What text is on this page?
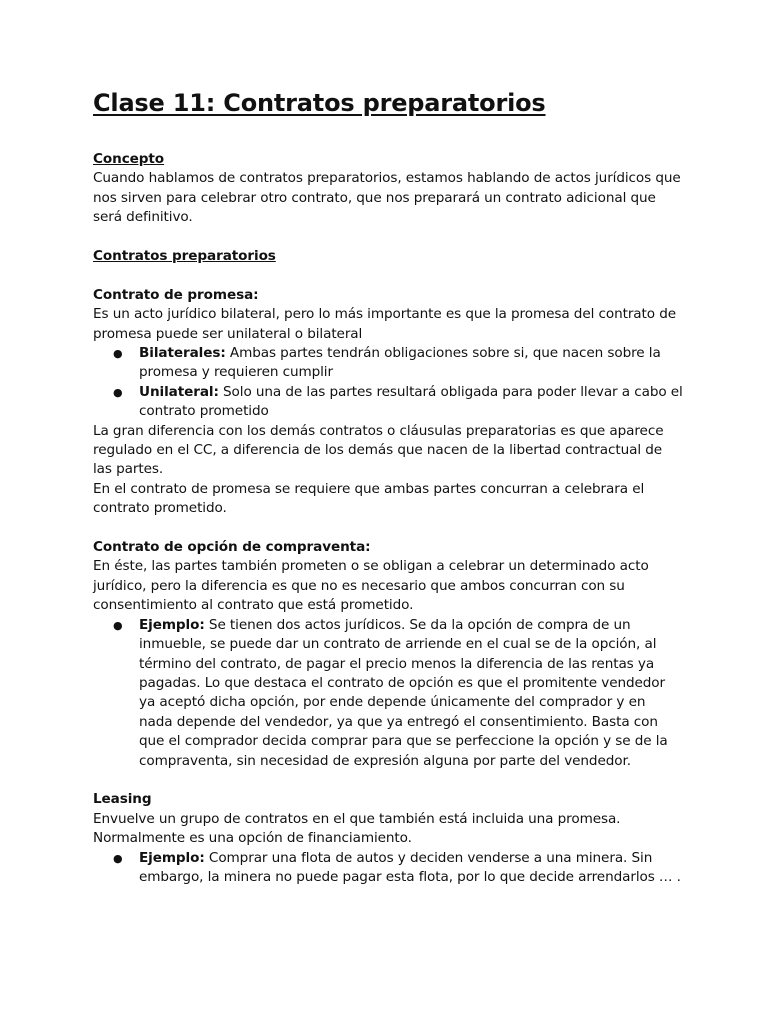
Clase 11: Contratos preparatorios

Concepto

Cuando hablamos de contratos preparatorios, estamos hablando de actos jurídicos que nos sirven para celebrar otro contrato, que nos preparará un contrato adicional que será definitivo.

Contratos preparatorios

Contrato de promesa:

Es un acto jurídico bilateral, pero lo más importante es que la promesa del contrato de promesa puede ser unilateral o bilateral

● Bilaterales: Ambas partes tendrán obligaciones sobre si, que nacen sobre la promesa y requieren cumplir
● Unilateral: Solo una de las partes resultará obligada para poder llevar a cabo el contrato prometido

La gran diferencia con los demás contratos o cláusulas preparatorias es que aparece regulado en el CC, a diferencia de los demás que nacen de la libertad contractual de las partes.

En el contrato de promesa se requiere que ambas partes concurran a celebrara el contrato prometido.

Contrato de opción de compraventa:

En éste, las partes también prometen o se obligan a celebrar un determinado acto jurídico, pero la diferencia es que no es necesario que ambos concurran con su consentimiento al contrato que está prometido.

● Ejemplo: Se tienen dos actos jurídicos. Se da la opción de compra de un inmueble, se puede dar un contrato de arriende en el cual se de la opción, al término del contrato, de pagar el precio menos la diferencia de las rentas ya pagadas. Lo que destaca el contrato de opción es que el promitente vendedor ya aceptó dicha opción, por ende depende únicamente del comprador y en nada depende del vendedor, ya que ya entregó el consentimiento. Basta con que el comprador decida comprar para que se perfeccione la opción y se de la compraventa, sin necesidad de expresión alguna por parte del vendedor.

Leasing

Envuelve un grupo de contratos en el que también está incluida una promesa. Normalmente es una opción de financiamiento.

● Ejemplo: Comprar una flota de autos y deciden venderse a una minera. Sin embargo, la minera no puede pagar esta flota, por lo que decide arrendarlos … .
